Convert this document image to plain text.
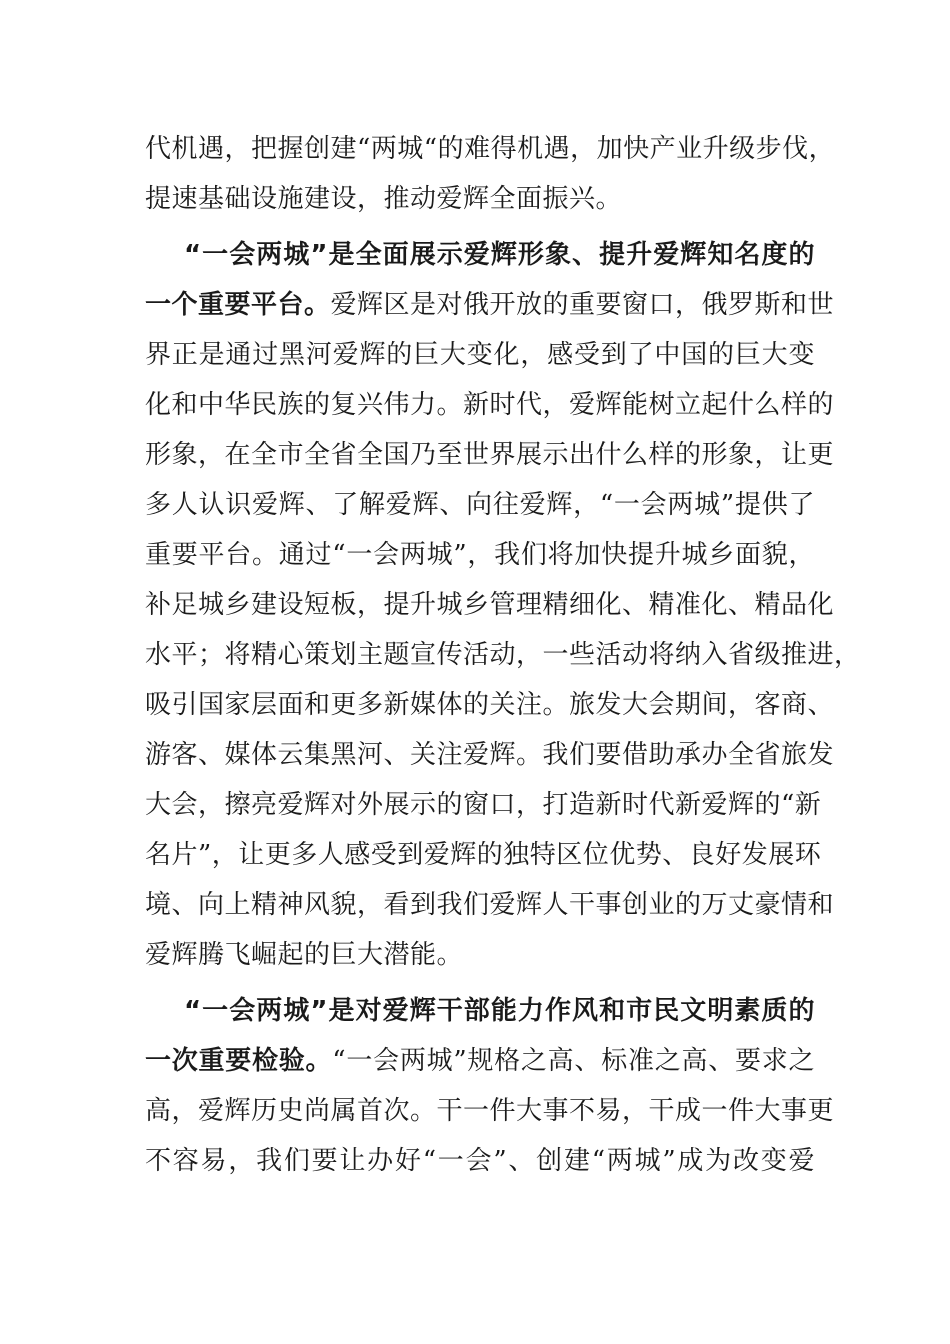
代机遇，把握创建“两城“的难得机遇，加快产业升级步伐，
提速基础设施建设，推动爱辉全面振兴。
“一会两城”是全面展示爱辉形象、提升爱辉知名度的
一个重要平台。爱辉区是对俄开放的重要窗口，俄罗斯和世
界正是通过黑河爱辉的巨大变化，感受到了中国的巨大变
化和中华民族的复兴伟力。新时代，爱辉能树立起什么样的
形象，在全市全省全国乃至世界展示出什么样的形象，让更
多人认识爱辉、了解爱辉、向往爱辉，“一会两城”提供了
重要平台。通过“一会两城”，我们将加快提升城乡面貌，
补足城乡建设短板，提升城乡管理精细化、精准化、精品化
水平；将精心策划主题宣传活动，一些活动将纳入省级推进，
吸引国家层面和更多新媒体的关注。旅发大会期间，客商、
游客、媒体云集黑河、关注爱辉。我们要借助承办全省旅发
大会，擦亮爱辉对外展示的窗口，打造新时代新爱辉的“新
名片”，让更多人感受到爱辉的独特区位优势、良好发展环
境、向上精神风貌，看到我们爱辉人干事创业的万丈豪情和
爱辉腾飞崛起的巨大潜能。
“一会两城”是对爱辉干部能力作风和市民文明素质的
一次重要检验。“一会两城”规格之高、标准之高、要求之
高，爱辉历史尚属首次。干一件大事不易，干成一件大事更
不容易，我们要让办好“一会”、创建“两城”成为改变爱
